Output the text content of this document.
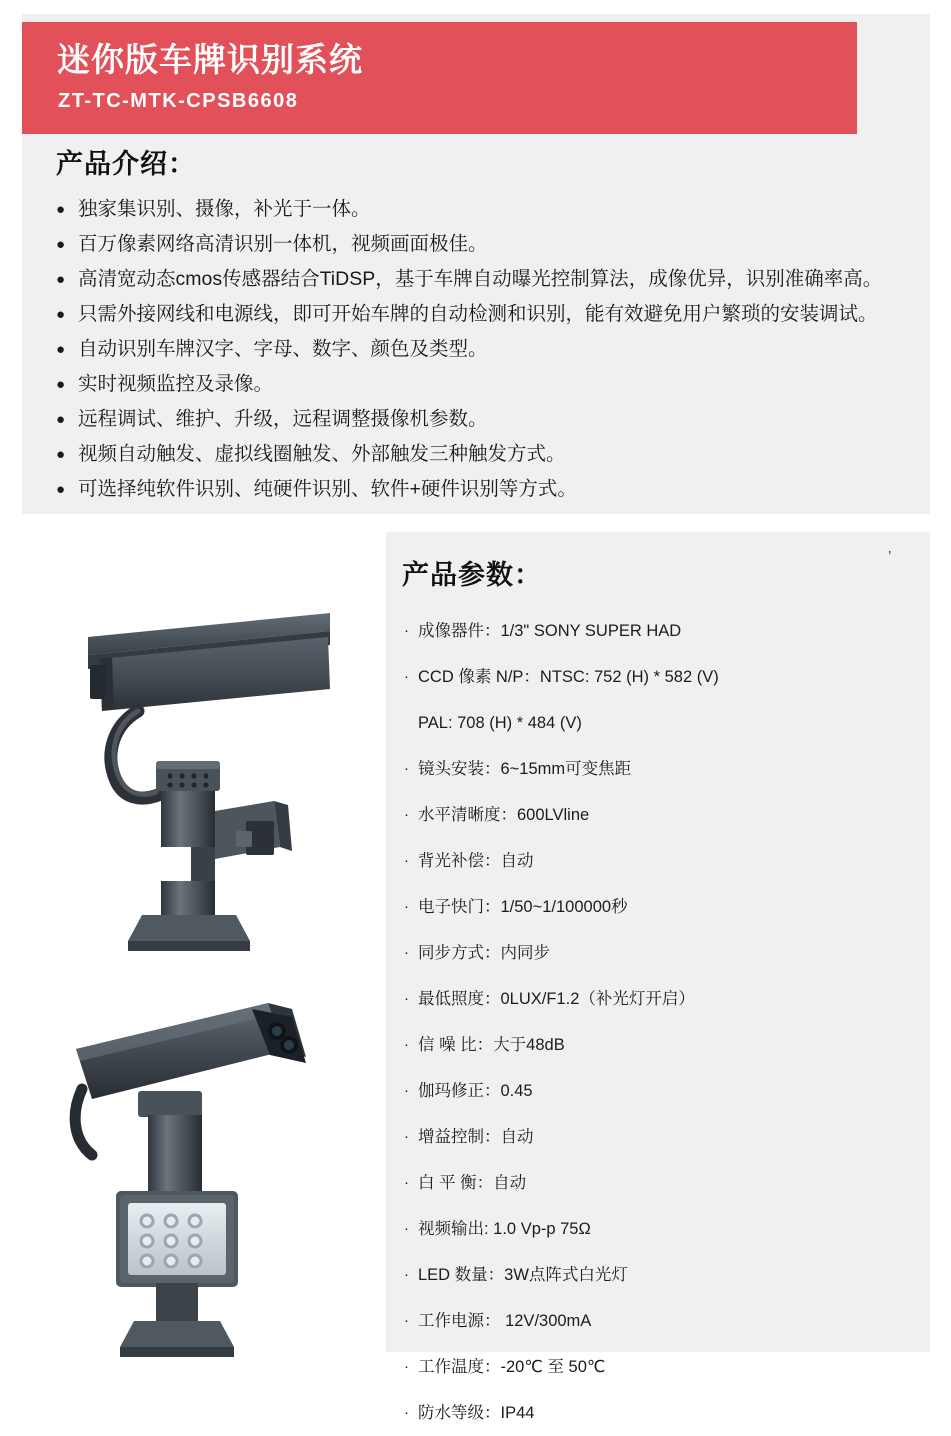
迷你版车牌识别系统
ZT-TC-MTK-CPSB6608
产品介绍：
● 独家集识别、摄像，补光于一体。
● 百万像素网络高清识别一体机，视频画面极佳。
● 高清宽动态cmos传感器结合TiDSP，基于车牌自动曝光控制算法，成像优异，识别准确率高。
● 只需外接网线和电源线，即可开始车牌的自动检测和识别，能有效避免用户繁琐的安装调试。
● 自动识别车牌汉字、字母、数字、颜色及类型。
● 实时视频监控及录像。
● 远程调试、维护、升级，远程调整摄像机参数。
● 视频自动触发、虚拟线圈触发、外部触发三种触发方式。
● 可选择纯软件识别、纯硬件识别、软件+硬件识别等方式。
产品参数：
’
· 成像器件：1/3" SONY SUPER HAD
· CCD 像素 N/P：NTSC: 752 (H) * 582 (V)
PAL: 708 (H) * 484 (V)
· 镜头安装：6~15mm可变焦距
· 水平清晰度：600LVline
· 背光补偿：自动
· 电子快门：1/50~1/100000秒
· 同步方式：内同步
· 最低照度：0LUX/F1.2（补光灯开启）
· 信 噪 比：大于48dB
· 伽玛修正：0.45
· 增益控制：自动
· 白 平 衡：自动
· 视频输出: 1.0 Vp-p 75Ω
· LED 数量：3W点阵式白光灯
· 工作电源： 12V/300mA
· 工作温度：-20℃ 至 50℃
· 防水等级：IP44
